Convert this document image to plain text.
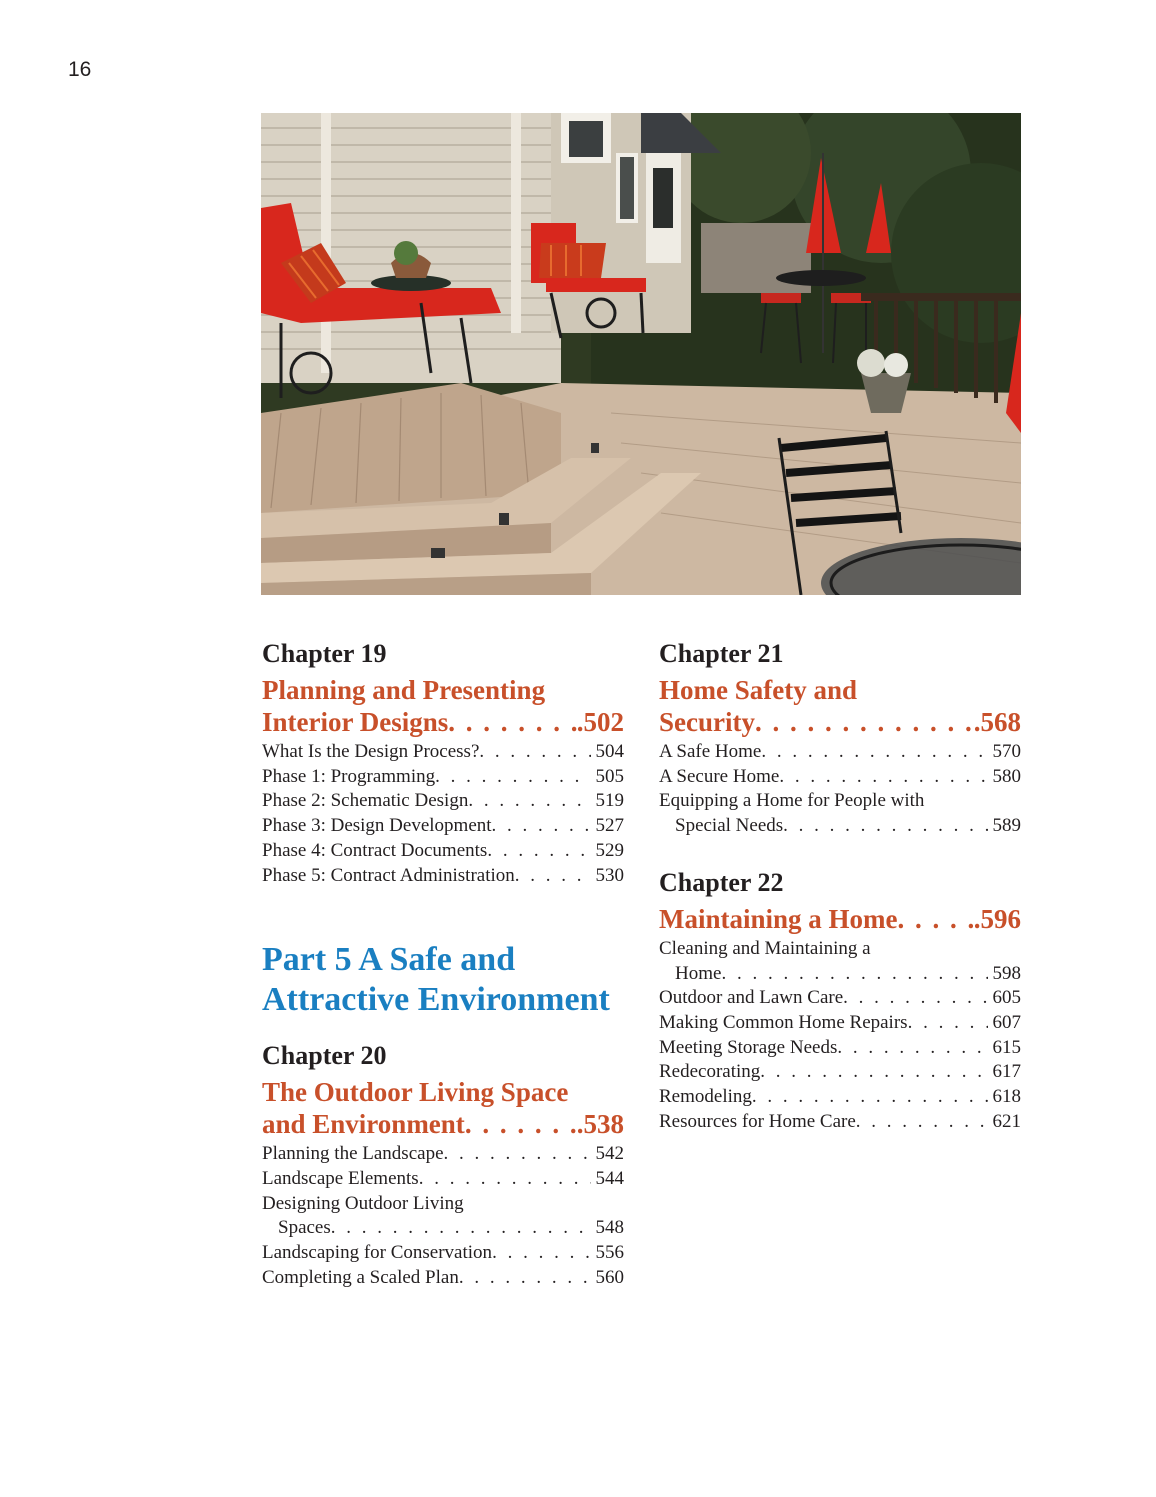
16
Chapter 19
Planning and Presenting
Interior Designs . . .	.502
What Is the Design Process? . . .	504
Phase 1: Programming . . .	505
Phase 2: Schematic Design . . .	519
Phase 3: Design Development . . .	527
Phase 4: Contract Documents . . .	529
Phase 5: Contract Administration . . .	530
Part 5 A Safe and
Attractive Environment
Chapter 20
The Outdoor Living Space
and Environment . . .	.538
Planning the Landscape . . .	542
Landscape Elements . . .	544
Designing Outdoor Living
Spaces . . .	548
Landscaping for Conservation . . .	556
Completing a Scaled Plan . . .	560
Chapter 21
Home Safety and
Security . . .	.568
A Safe Home . . .	570
A Secure Home . . .	580
Equipping a Home for People with
Special Needs . . .	589
Chapter 22
Maintaining a Home . . .	.596
Cleaning and Maintaining a
Home . . .	598
Outdoor and Lawn Care . . .	605
Making Common Home Repairs . . .	607
Meeting Storage Needs . . .	615
Redecorating . . .	617
Remodeling . . .	618
Resources for Home Care . . .	621
